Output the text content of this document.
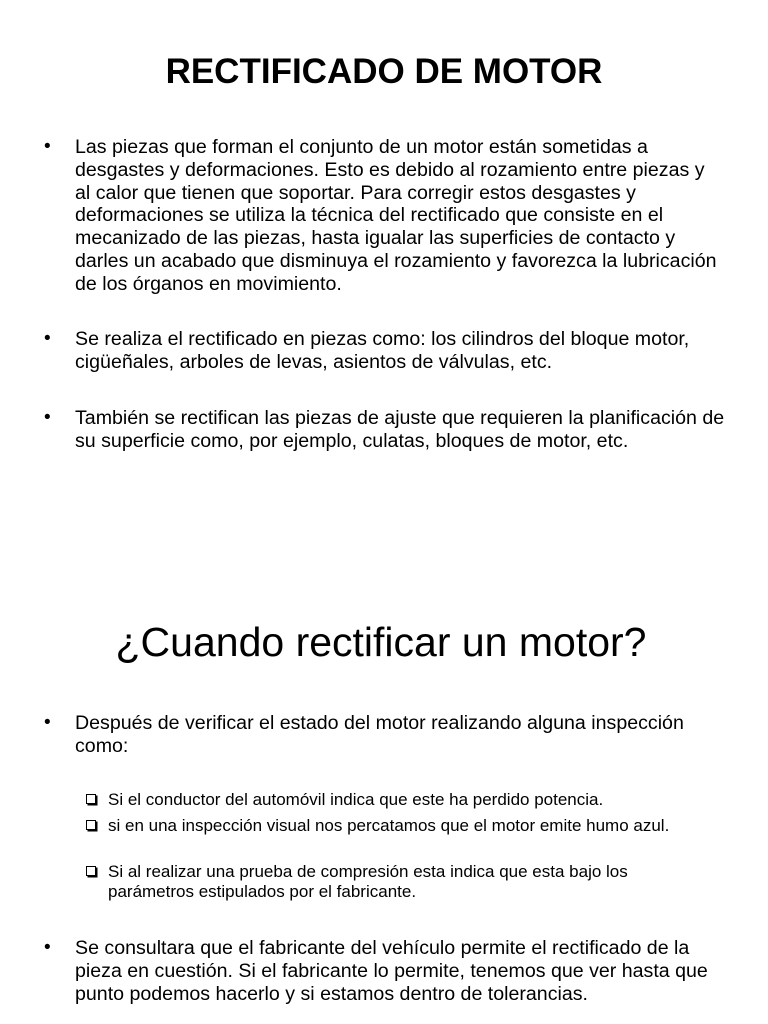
RECTIFICADO DE MOTOR
• Las piezas que forman el conjunto de un motor están sometidas a desgastes y deformaciones. Esto es debido al rozamiento entre piezas y al calor que tienen que soportar. Para corregir estos desgastes y deformaciones se utiliza la técnica del rectificado que consiste en el mecanizado de las piezas, hasta igualar las superficies de contacto y darles un acabado que disminuya el rozamiento y favorezca la lubricación de los órganos en movimiento.
• Se realiza el rectificado en piezas como: los cilindros del bloque motor, cigüeñales, arboles de levas, asientos de válvulas, etc.
• También se rectifican las piezas de ajuste que requieren la planificación de su superficie como, por ejemplo, culatas, bloques de motor, etc.
¿Cuando rectificar un motor?
• Después de verificar el estado del motor realizando alguna inspección como:
Si el conductor del automóvil indica que este ha perdido potencia.
si en una inspección visual nos percatamos que el motor emite humo azul.
Si al realizar una prueba de compresión esta indica que esta bajo los parámetros estipulados por el fabricante.
• Se consultara que el fabricante del vehículo permite el rectificado de la pieza en cuestión. Si el fabricante lo permite, tenemos que ver hasta que punto podemos hacerlo y si estamos dentro de tolerancias.
